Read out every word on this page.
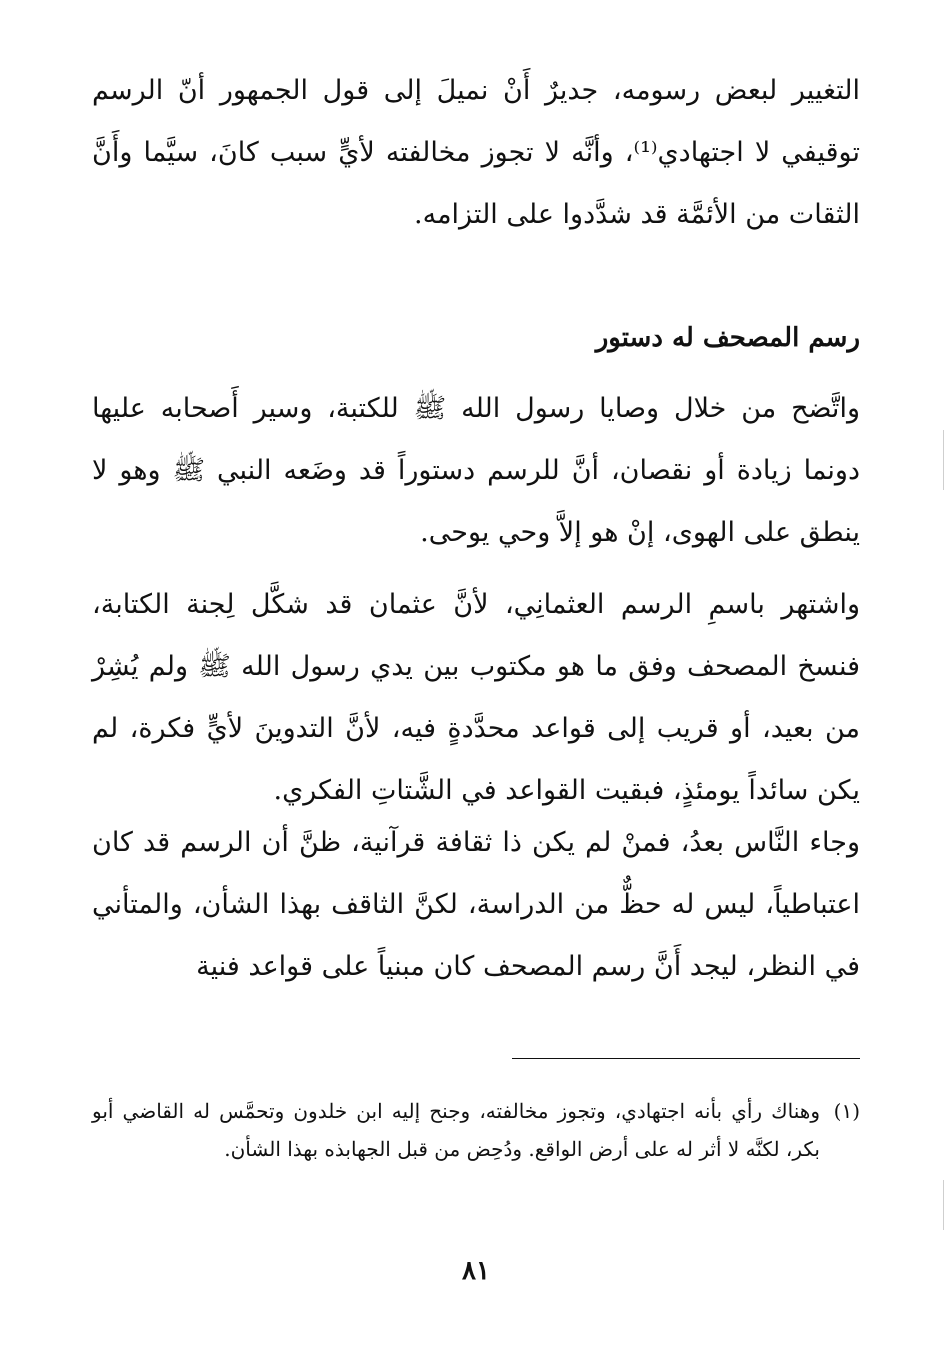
التغيير لبعض رسومه، جديرٌ أَنْ نميلَ إلى قول الجمهور أنّ الرسم توقيفي لا اجتهادي⁽¹⁾، وأنَّه لا تجوز مخالفته لأيٍّ سبب كانَ، سيَّما وأَنَّ الثقات من الأئمَّة قد شدَّدوا على التزامه.

رسم المصحف له دستور

واتَّضح من خلال وصايا رسول الله ﷺ للكتبة، وسير أَصحابه عليها دونما زيادة أو نقصان، أنَّ للرسم دستوراً قد وضَعه النبي ﷺ وهو لا ينطق على الهوى، إنْ هو إلاَّ وحي يوحى.

واشتهر باسمِ الرسم العثمانِي، لأنَّ عثمان قد شكَّل لِجنة الكتابة، فنسخ المصحف وفق ما هو مكتوب بين يدي رسول الله ﷺ ولم يُشِرْ من بعيد، أو قريب إلى قواعد محدَّدةٍ فيه، لأنَّ التدوينَ لأيٍّ فكرة، لم يكن سائداً يومئذٍ، فبقيت القواعد في الشَّتاتِ الفكري.

وجاء النَّاس بعدُ، فمنْ لم يكن ذا ثقافة قرآنية، ظنَّ أن الرسم قد كان اعتباطياً، ليس له حظٌّ من الدراسة، لكنَّ الثاقف بهذا الشأن، والمتأني في النظر، ليجد أَنَّ رسم المصحف كان مبنياً على قواعد فنية

(١)
وهناك رأي بأنه اجتهادي، وتجوز مخالفته، وجنح إليه ابن خلدون وتحمَّس له القاضي أبو بكر، لكنَّه لا أثر له على أرض الواقع. ودُحِض من قبل الجهابذه بهذا الشأن.
٨١
